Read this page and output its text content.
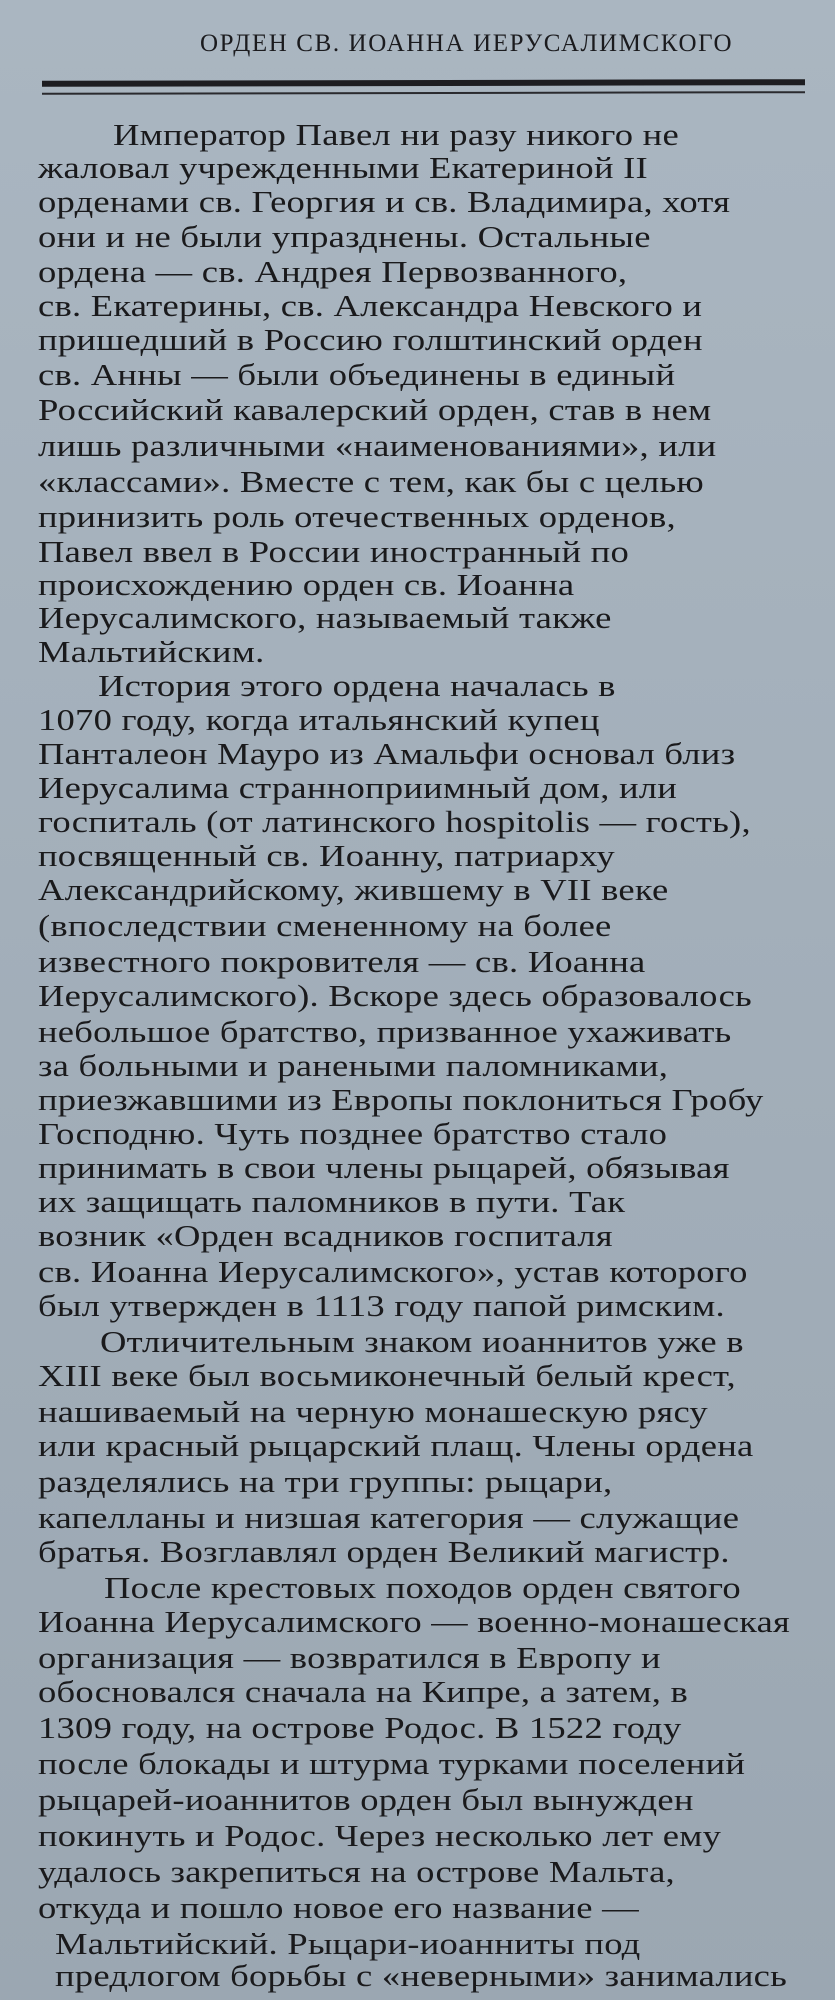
ОРДЕН СВ. ИОАННА ИЕРУСАЛИМСКОГО
Император Павел ни разу никого не
жаловал учрежденными Екатериной II
орденами св. Георгия и св. Владимира, хотя
они и не были упразднены. Остальные
ордена — св. Андрея Первозванного,
св. Екатерины, св. Александра Невского и
пришедший в Россию голштинский орден
св. Анны — были объединены в единый
Российский кавалерский орден, став в нем
лишь различными «наименованиями», или
«классами». Вместе с тем, как бы с целью
принизить роль отечественных орденов,
Павел ввел в России иностранный по
происхождению орден св. Иоанна
Иерусалимского, называемый также
Мальтийским.
История этого ордена началась в
1070 году, когда итальянский купец
Панталеон Мауро из Амальфи основал близ
Иерусалима странноприимный дом, или
госпиталь (от латинского hospitolis — гость),
посвященный св. Иоанну, патриарху
Александрийскому, жившему в VII веке
(впоследствии смененному на более
известного покровителя — св. Иоанна
Иерусалимского). Вскоре здесь образовалось
небольшое братство, призванное ухаживать
за больными и ранеными паломниками,
приезжавшими из Европы поклониться Гробу
Господню. Чуть позднее братство стало
принимать в свои члены рыцарей, обязывая
их защищать паломников в пути. Так
возник «Орден всадников госпиталя
св. Иоанна Иерусалимского», устав которого
был утвержден в 1113 году папой римским.
Отличительным знаком иоаннитов уже в
XIII веке был восьмиконечный белый крест,
нашиваемый на черную монашескую рясу
или красный рыцарский плащ. Члены ордена
разделялись на три группы: рыцари,
капелланы и низшая категория — служащие
братья. Возглавлял орден Великий магистр.
После крестовых походов орден святого
Иоанна Иерусалимского — военно-монашеская
организация — возвратился в Европу и
обосновался сначала на Кипре, а затем, в
1309 году, на острове Родос. В 1522 году
после блокады и штурма турками поселений
рыцарей-иоаннитов орден был вынужден
покинуть и Родос. Через несколько лет ему
удалось закрепиться на острове Мальта,
откуда и пошло новое его название —
Мальтийский. Рыцари-иоанниты под
предлогом борьбы с «неверными» занимались
